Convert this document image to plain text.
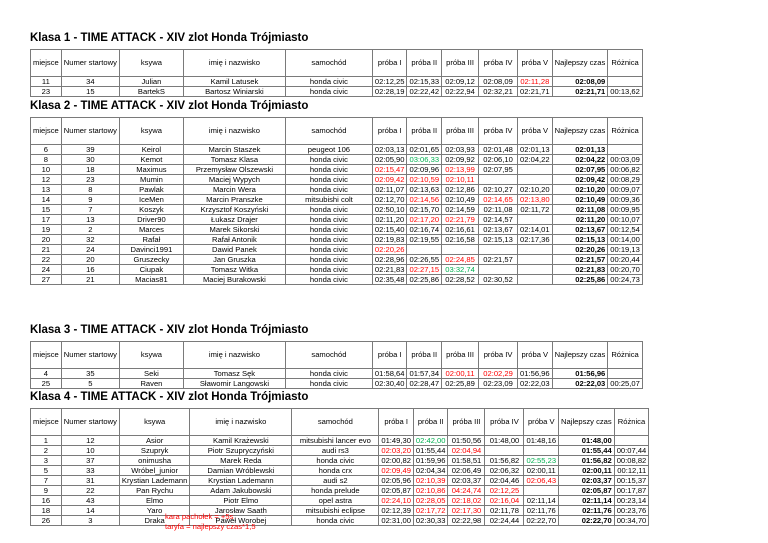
Klasa 1 - TIME ATTACK - XIV zlot Honda Trójmiasto
miejsce	Numer startowy	ksywa	imię i nazwisko	samochód	próba I	próba II	próba III	próba IV	próba V	Najlepszy czas	Różnica
11	34	Julian	Kamil Latusek	honda civic	02:12,25	02:15,33	02:09,12	02:08,09	02:11,28	02:08,09	
23	15	BartekS	Bartosz Winiarski	honda civic	02:28,19	02:22,42	02:22,94	02:32,21	02:21,71	02:21,71	00:13,62
Klasa 2 - TIME ATTACK - XIV zlot Honda Trójmiasto
miejsce	Numer startowy	ksywa	imię i nazwisko	samochód	próba I	próba II	próba III	próba IV	próba V	Najlepszy czas	Różnica
6	39	Keirol	Marcin Staszek	peugeot 106	02:03,13	02:01,65	02:03,93	02:01,48	02:01,13	02:01,13	
8	30	Kemot	Tomasz Klasa	honda civic	02:05,90	03:06,33	02:09,92	02:06,10	02:04,22	02:04,22	00:03,09
10	18	Maximus	Przemysław Olszewski	honda civic	02:15,47	02:09,96	02:13,99	02:07,95		02:07,95	00:06,82
12	23	Mumin	Maciej Wypych	honda civic	02:09,42	02:10,59	02:10,11			02:09,42	00:08,29
13	8	Pawlak	Marcin Wera	honda civic	02:11,07	02:13,63	02:12,86	02:10,27	02:10,20	02:10,20	00:09,07
14	9	IceMen	Marcin Pranszke	mitsubishi colt	02:12,70	02:14,56	02:10,49	02:14,65	02:13,80	02:10,49	00:09,36
15	7	Koszyk	Krzysztof Koszyński	honda civic	02:50,10	02:15,70	02:14,59	02:11,08	02:11,72	02:11,08	00:09,95
17	13	Driver90	Łukasz Drajer	honda civic	02:11,20	02:17,20	02:21,79	02:14,57		02:11,20	00:10,07
19	2	Marces	Marek Sikorski	honda civic	02:15,40	02:16,74	02:16,61	02:13,67	02:14,01	02:13,67	00:12,54
20	32	Rafał	Rafał Antonik	honda civic	02:19,83	02:19,55	02:16,58	02:15,13	02:17,36	02:15,13	00:14,00
21	24	Davinci1991	Dawid Panek	honda civic	02:20,26					02:20,26	00:19,13
22	20	Gruszecky	Jan Gruszka	honda civic	02:28,96	02:26,55	02:24,85	02:21,57		02:21,57	00:20,44
24	16	Ciupak	Tomasz Witka	honda civic	02:21,83	02:27,15	03:32,74			02:21,83	00:20,70
27	21	Macias81	Maciej Burakowski	honda civic	02:35,48	02:25,86	02:28,52	02:30,52		02:25,86	00:24,73
Klasa 3 - TIME ATTACK - XIV zlot Honda Trójmiasto
miejsce	Numer startowy	ksywa	imię i nazwisko	samochód	próba I	próba II	próba III	próba IV	próba V	Najlepszy czas	Różnica
4	35	Seki	Tomasz Sęk	honda civic	01:58,64	01:57,34	02:00,11	02:02,29	01:56,96	01:56,96	
25	5	Raven	Sławomir Langowski	honda civic	02:30,40	02:28,47	02:25,89	02:23,09	02:22,03	02:22,03	00:25,07
Klasa 4 - TIME ATTACK - XIV zlot Honda Trójmiasto
miejsce	Numer startowy	ksywa	imię i nazwisko	samochód	próba I	próba II	próba III	próba IV	próba V	Najlepszy czas	Różnica
1	12	Asior	Kamil Krażewski	mitsubishi lancer evo	01:49,30	02:42,00	01:50,56	01:48,00	01:48,16	01:48,00	
2	10	Szupryk	Piotr Szupryczyński	audi rs3	02:03,20	01:55,44	02:04,94			01:55,44	00:07,44
3	37	onimusha	Marek Reda	honda civic	02:00,82	01:59,96	01:58,51	01:56,82	02:55,23	01:56,82	00:08,82
5	33	Wróbel_junior	Damian Wróblewski	honda crx	02:09,49	02:04,34	02:06,49	02:06,32	02:00,11	02:00,11	00:12,11
7	31	Krystian Lademann	Krystian Lademann	audi s2	02:05,96	02:10,39	02:03,37	02:04,46	02:06,43	02:03,37	00:15,37
9	22	Pan Rychu	Adam Jakubowski	honda prelude	02:05,87	02:10,86	04:24,74	02:12,25		02:05,87	00:17,87
16	43	Elmo	Piotr Elmo	opel astra	02:24,10	02:28,05	02:18,02	02:16,04	02:11,14	02:11,14	00:23,14
18	14	Yaro	Jarosław Saath	mitsubishi eclipse	02:12,39	02:17,72	02:17,30	02:11,78	02:11,76	02:11,76	00:23,76
26	3	Draka	Paweł Worobej	honda civic	02:31,00	02:30,33	02:22,98	02:24,44	02:22,70	02:22,70	00:34,70
kara pachołek = +5s
taryfa = najlepszy czas*1,5
